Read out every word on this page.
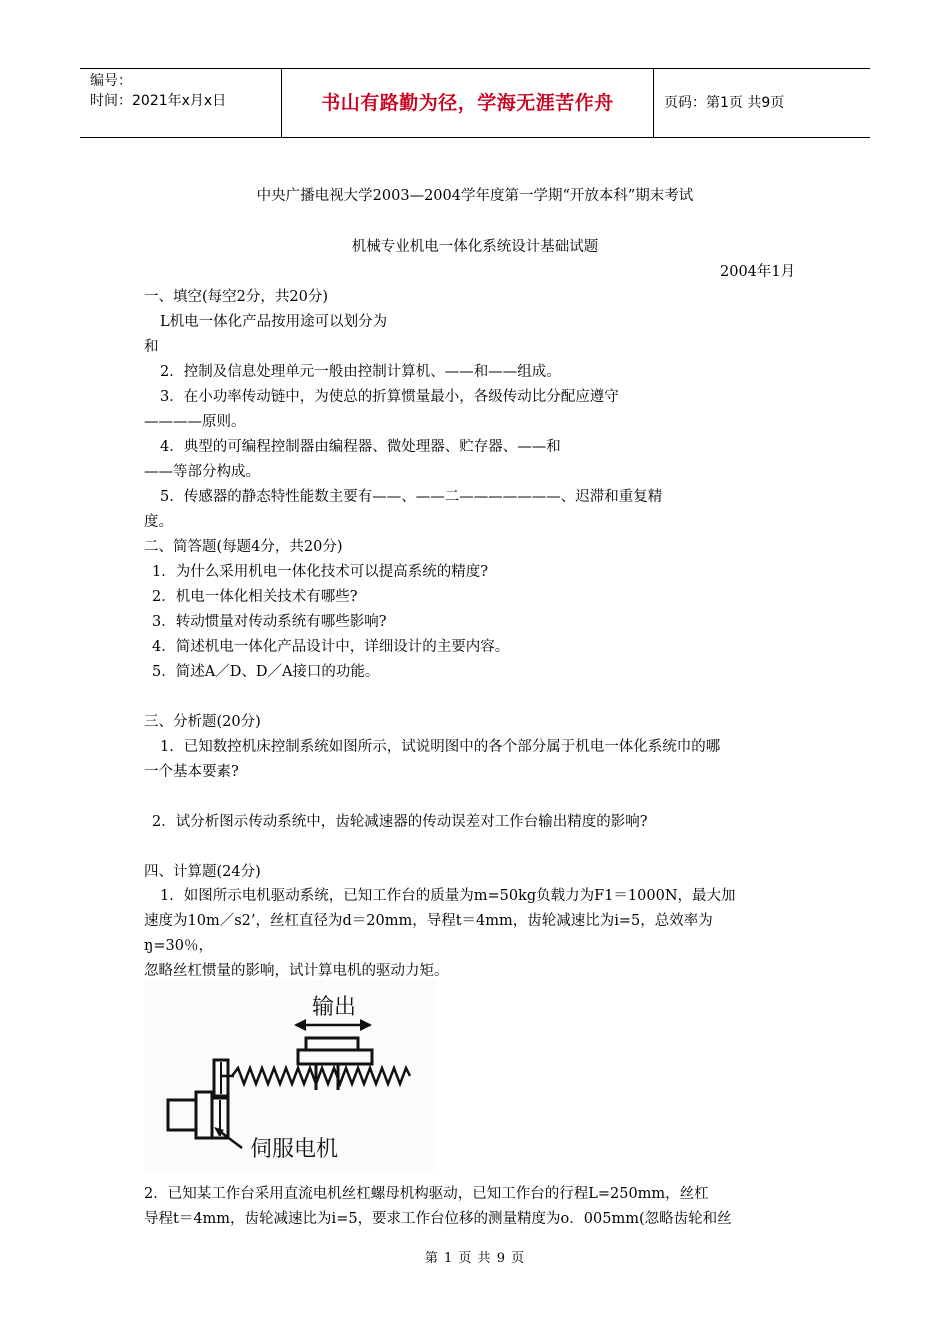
编号：
时间：2021年x月x日	书山有路勤为径，学海无涯苦作舟	页码：第1页 共9页
中央广播电视大学2003—2004学年度第一学期“开放本科”期末考试
机械专业机电一体化系统设计基础试题
2004年1月
一、填空(每空2分，共20分)
L机电一体化产品按用途可以划分为
和
2．控制及信息处理单元一般由控制计算机、——和——组成。
3．在小功率传动链中，为使总的折算惯量最小，各级传动比分配应遵守
————原则。
4．典型的可编程控制器由编程器、微处理器、贮存器、——和
——等部分构成。
5．传感器的静态特性能数主要有——、——二———————、迟滞和重复精
度。
二、简答题(每题4分，共20分)
1．为什么采用机电一体化技术可以提高系统的精度?
2．机电一体化相关技术有哪些?
3．转动惯量对传动系统有哪些影响?
4．简述机电一体化产品设计中，详细设计的主要内容。
5．简述A／D、D／A接口的功能。
三、分析题(20分)
1．已知数控机床控制系统如图所示，试说明图中的各个部分属于机电一体化系统巾的哪
一个基本要素?
2．试分析图示传动系统中，齿轮减速器的传动误差对工作台输出精度的影响?
四、计算题(24分)
1．如图所示电机驱动系统，已知工作台的质量为m=50kg负载力为F1＝1000N，最大加
速度为10m／s2’，丝杠直径为d＝20mm，导程t＝4mm，齿轮减速比为i=5，总效率为
ŋ=30％，
忽略丝杠惯量的影响，试计算电机的驱动力矩。
输出
伺服电机
2．已知某工作台采用直流电机丝杠螺母机构驱动，已知工作台的行程L=250mm，丝杠
导程t＝4mm，齿轮减速比为i=5，要求工作台位移的测量精度为o．005mm(忽略齿轮和丝
第 1 页 共 9 页
